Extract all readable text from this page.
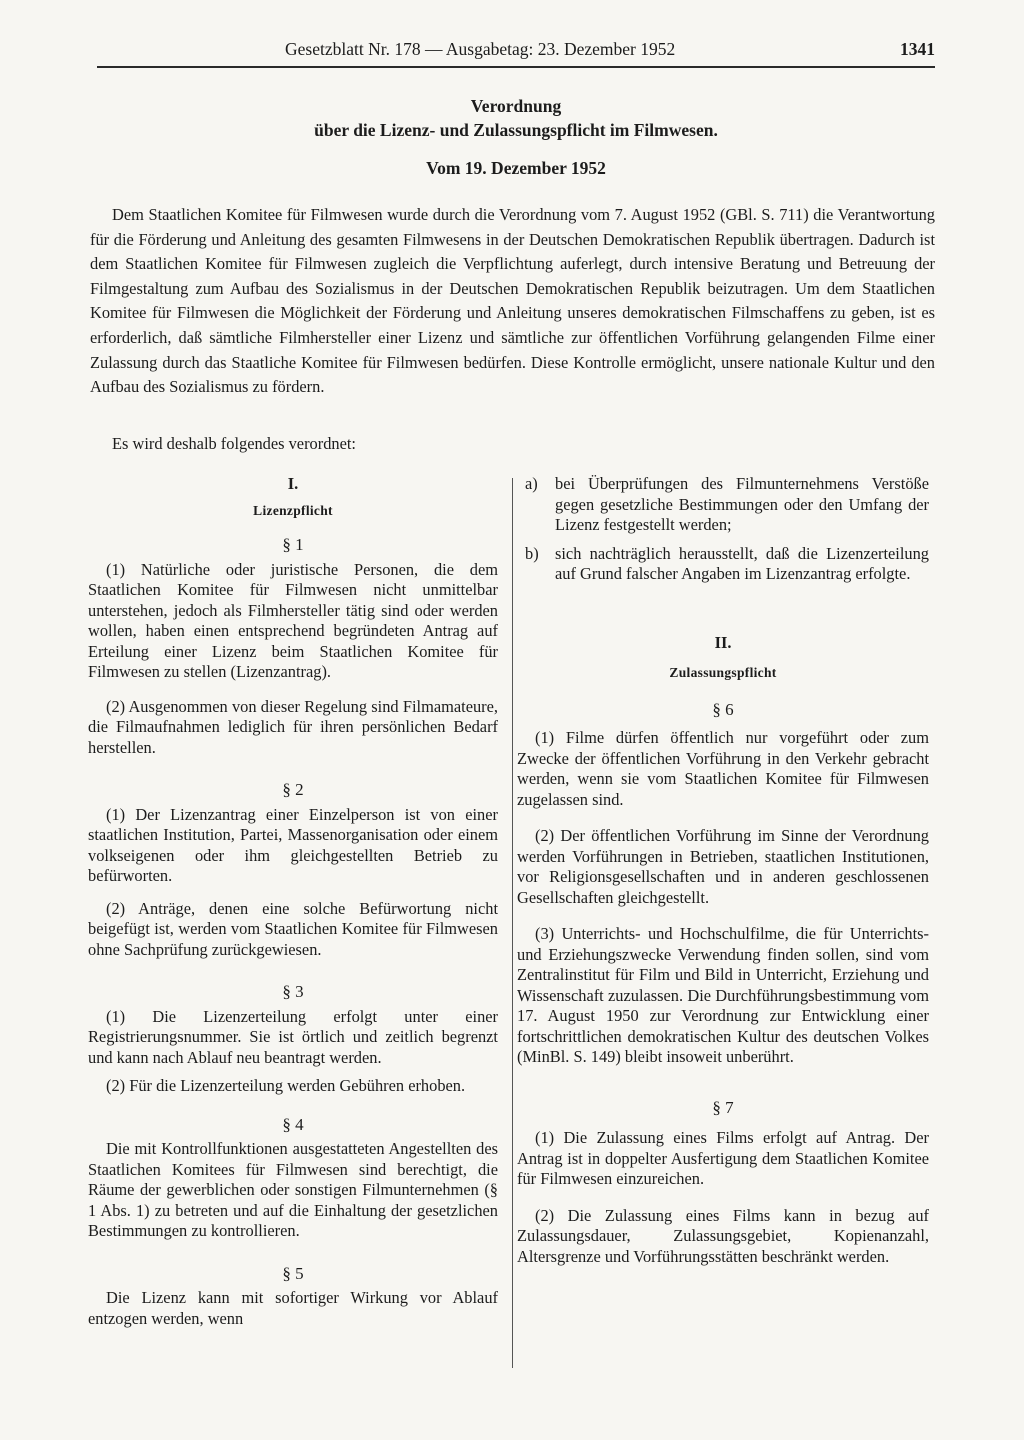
Gesetzblatt Nr. 178 — Ausgabetag: 23. Dezember 1952	1341
Verordnung
über die Lizenz- und Zulassungspflicht im Filmwesen.
Vom 19. Dezember 1952

Dem Staatlichen Komitee für Filmwesen wurde durch die Verordnung vom 7. August 1952 (GBl. S. 711) die Verantwortung für die Förderung und Anleitung des gesamten Filmwesens in der Deutschen Demokratischen Republik übertragen. Dadurch ist dem Staatlichen Komitee für Filmwesen zugleich die Verpflichtung auferlegt, durch intensive Beratung und Betreuung der Filmgestaltung zum Aufbau des Sozialismus in der Deutschen Demokratischen Republik beizutragen. Um dem Staatlichen Komitee für Filmwesen die Möglichkeit der Förderung und Anleitung unseres demokratischen Filmschaffens zu geben, ist es erforderlich, daß sämtliche Filmhersteller einer Lizenz und sämtliche zur öffentlichen Vorführung gelangenden Filme einer Zulassung durch das Staatliche Komitee für Filmwesen bedürfen. Diese Kontrolle ermöglicht, unsere nationale Kultur und den Aufbau des Sozialismus zu fördern.

Es wird deshalb folgendes verordnet:
I.
Lizenzpflicht
§ 1

(1) Natürliche oder juristische Personen, die dem Staatlichen Komitee für Filmwesen nicht unmittelbar unterstehen, jedoch als Filmhersteller tätig sind oder werden wollen, haben einen entsprechend begründeten Antrag auf Erteilung einer Lizenz beim Staatlichen Komitee für Filmwesen zu stellen (Lizenzantrag).

(2) Ausgenommen von dieser Regelung sind Filmamateure, die Filmaufnahmen lediglich für ihren persönlichen Bedarf herstellen.

§ 2

(1) Der Lizenzantrag einer Einzelperson ist von einer staatlichen Institution, Partei, Massenorganisation oder einem volkseigenen oder ihm gleichgestellten Betrieb zu befürworten.

(2) Anträge, denen eine solche Befürwortung nicht beigefügt ist, werden vom Staatlichen Komitee für Filmwesen ohne Sachprüfung zurückgewiesen.

§ 3

(1) Die Lizenzerteilung erfolgt unter einer Registrierungsnummer. Sie ist örtlich und zeitlich begrenzt und kann nach Ablauf neu beantragt werden.

(2) Für die Lizenzerteilung werden Gebühren erhoben.

§ 4

Die mit Kontrollfunktionen ausgestatteten Angestellten des Staatlichen Komitees für Filmwesen sind berechtigt, die Räume der gewerblichen oder sonstigen Filmunternehmen (§ 1 Abs. 1) zu betreten und auf die Einhaltung der gesetzlichen Bestimmungen zu kontrollieren.

§ 5

Die Lizenz kann mit sofortiger Wirkung vor Ablauf entzogen werden, wenn

a)	bei Überprüfungen des Filmunternehmens Verstöße gegen gesetzliche Bestimmungen oder den Umfang der Lizenz festgestellt werden;
b) sich nachträglich herausstellt, daß die Lizenzerteilung auf Grund falscher Angaben im Lizenzantrag erfolgte.
II.
Zulassungspflicht
§ 6

(1) Filme dürfen öffentlich nur vorgeführt oder zum Zwecke der öffentlichen Vorführung in den Verkehr gebracht werden, wenn sie vom Staatlichen Komitee für Filmwesen zugelassen sind.

(2) Der öffentlichen Vorführung im Sinne der Verordnung werden Vorführungen in Betrieben, staatlichen Institutionen, vor Religionsgesellschaften und in anderen geschlossenen Gesellschaften gleichgestellt.

(3) Unterrichts- und Hochschulfilme, die für Unterrichts- und Erziehungszwecke Verwendung finden sollen, sind vom Zentralinstitut für Film und Bild in Unterricht, Erziehung und Wissenschaft zuzulassen. Die Durchführungsbestimmung vom 17. August 1950 zur Verordnung zur Entwicklung einer fortschrittlichen demokratischen Kultur des deutschen Volkes (MinBl. S. 149) bleibt insoweit unberührt.

§ 7

(1) Die Zulassung eines Films erfolgt auf Antrag. Der Antrag ist in doppelter Ausfertigung dem Staatlichen Komitee für Filmwesen einzureichen.

(2) Die Zulassung eines Films kann in bezug auf Zulassungsdauer, Zulassungsgebiet, Kopienanzahl, Altersgrenze und Vorführungsstätten beschränkt werden.
